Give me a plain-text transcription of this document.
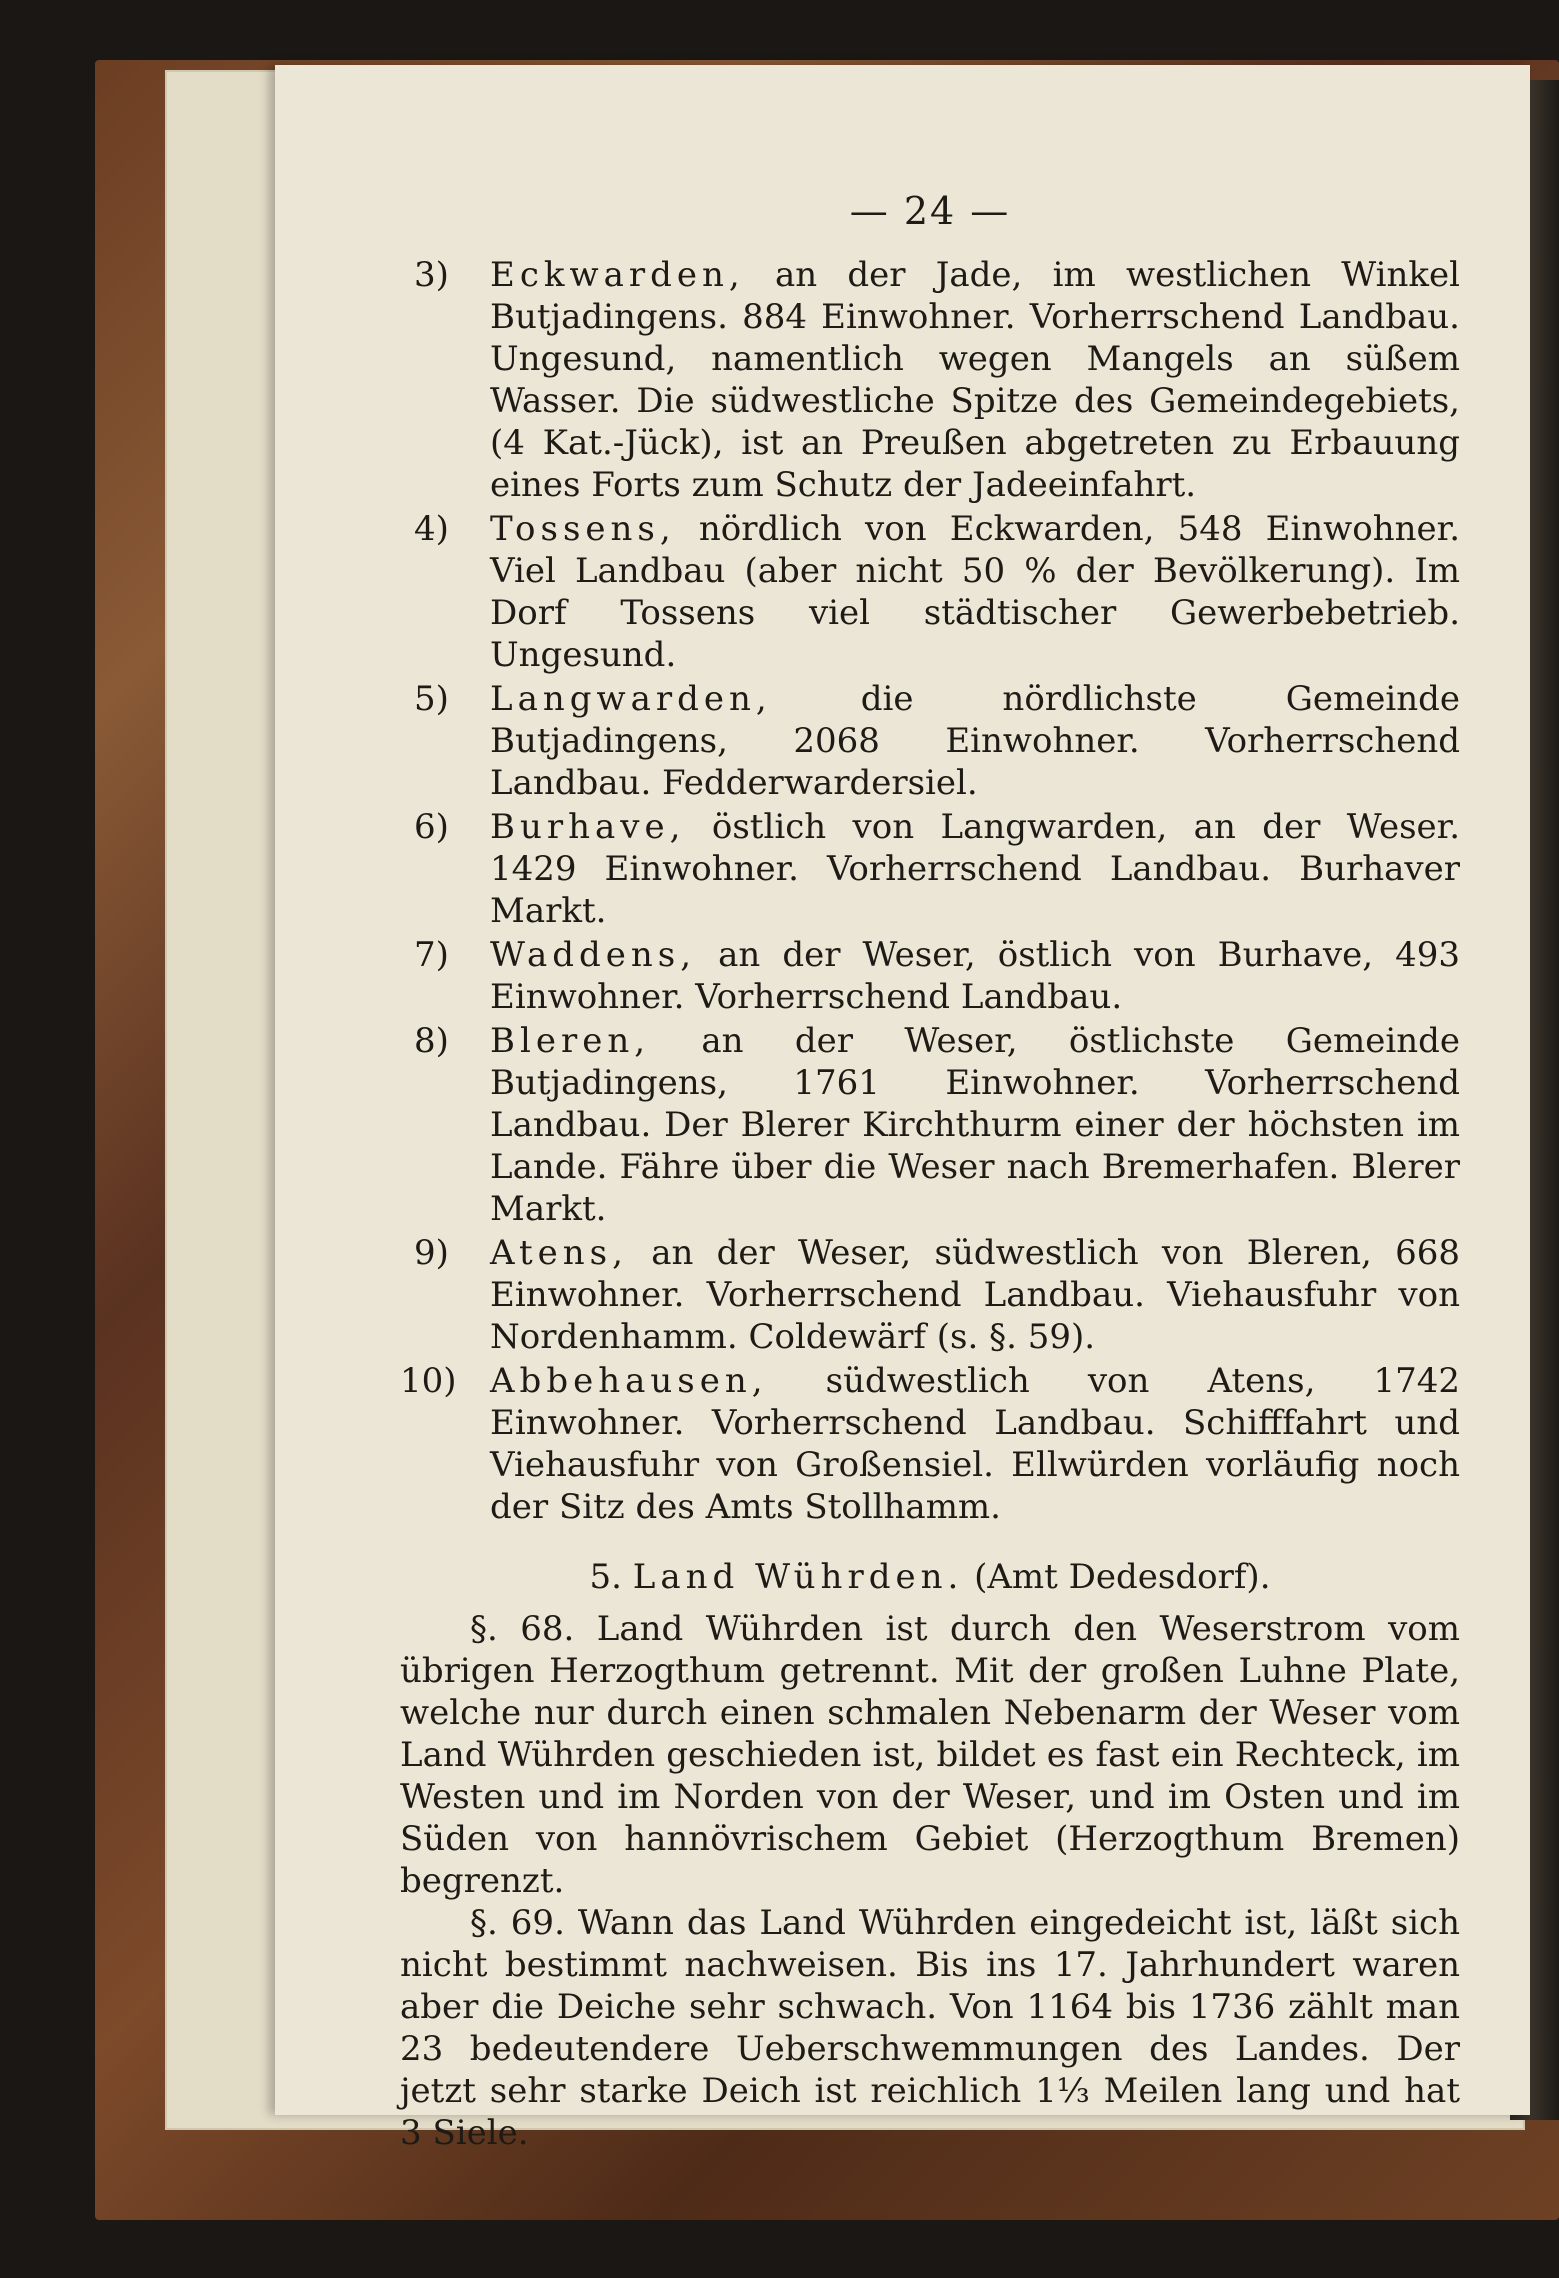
— 24 —
3) Eckwarden, an der Jade, im westlichen Winkel Butjadingens. 884 Einwohner. Vorherrschend Landbau. Ungesund, namentlich wegen Mangels an süßem Wasser. Die südwestliche Spitze des Gemeindegebiets, (4 Kat.-Jück), ist an Preußen abgetreten zu Erbauung eines Forts zum Schutz der Jadeeinfahrt.
4) Tossens, nördlich von Eckwarden, 548 Einwohner. Viel Landbau (aber nicht 50 % der Bevölkerung). Im Dorf Tossens viel städtischer Gewerbebetrieb. Ungesund.
5) Langwarden,	die nördlichste Gemeinde Butjadingens, 2068 Einwohner. Vorherrschend Landbau. Fedderwardersiel.
6) Burhave, östlich von Langwarden, an der Weser. 1429 Einwohner. Vorherrschend Landbau. Burhaver Markt.
7) Waddens, an der Weser, östlich von Burhave, 493 Einwohner. Vorherrschend Landbau.
8) Bleren, an der Weser, östlichste Gemeinde Butjadingens, 1761 Einwohner. Vorherrschend Landbau. Der Blerer Kirchthurm einer der höchsten im Lande. Fähre über die Weser nach Bremerhafen. Blerer Markt.
9) Atens, an der Weser, südwestlich von Bleren, 668 Einwohner. Vorherrschend Landbau. Viehausfuhr von Nordenhamm. Coldewärf (s. §. 59).
10) Abbehausen, südwestlich von Atens, 1742 Einwohner. Vorherrschend Landbau. Schifffahrt und Viehausfuhr von Großensiel. Ellwürden vorläufig noch der Sitz des Amts Stollhamm.
5. Land Wührden. (Amt Dedesdorf).

§. 68. Land Wührden ist durch den Weserstrom vom übrigen Herzogthum getrennt. Mit der großen Luhne Plate, welche nur durch einen schmalen Nebenarm der Weser vom Land Wührden geschieden ist, bildet es fast ein Rechteck, im Westen und im Norden von der Weser, und im Osten und im Süden von hannövrischem Gebiet (Herzogthum Bremen) begrenzt.

§. 69. Wann das Land Wührden eingedeicht ist, läßt sich nicht bestimmt nachweisen. Bis ins 17. Jahrhundert waren aber die Deiche sehr schwach. Von 1164 bis 1736 zählt man 23 bedeutendere Ueberschwemmungen des Landes. Der jetzt sehr starke Deich ist reichlich 1⅓ Meilen lang und hat 3 Siele.
